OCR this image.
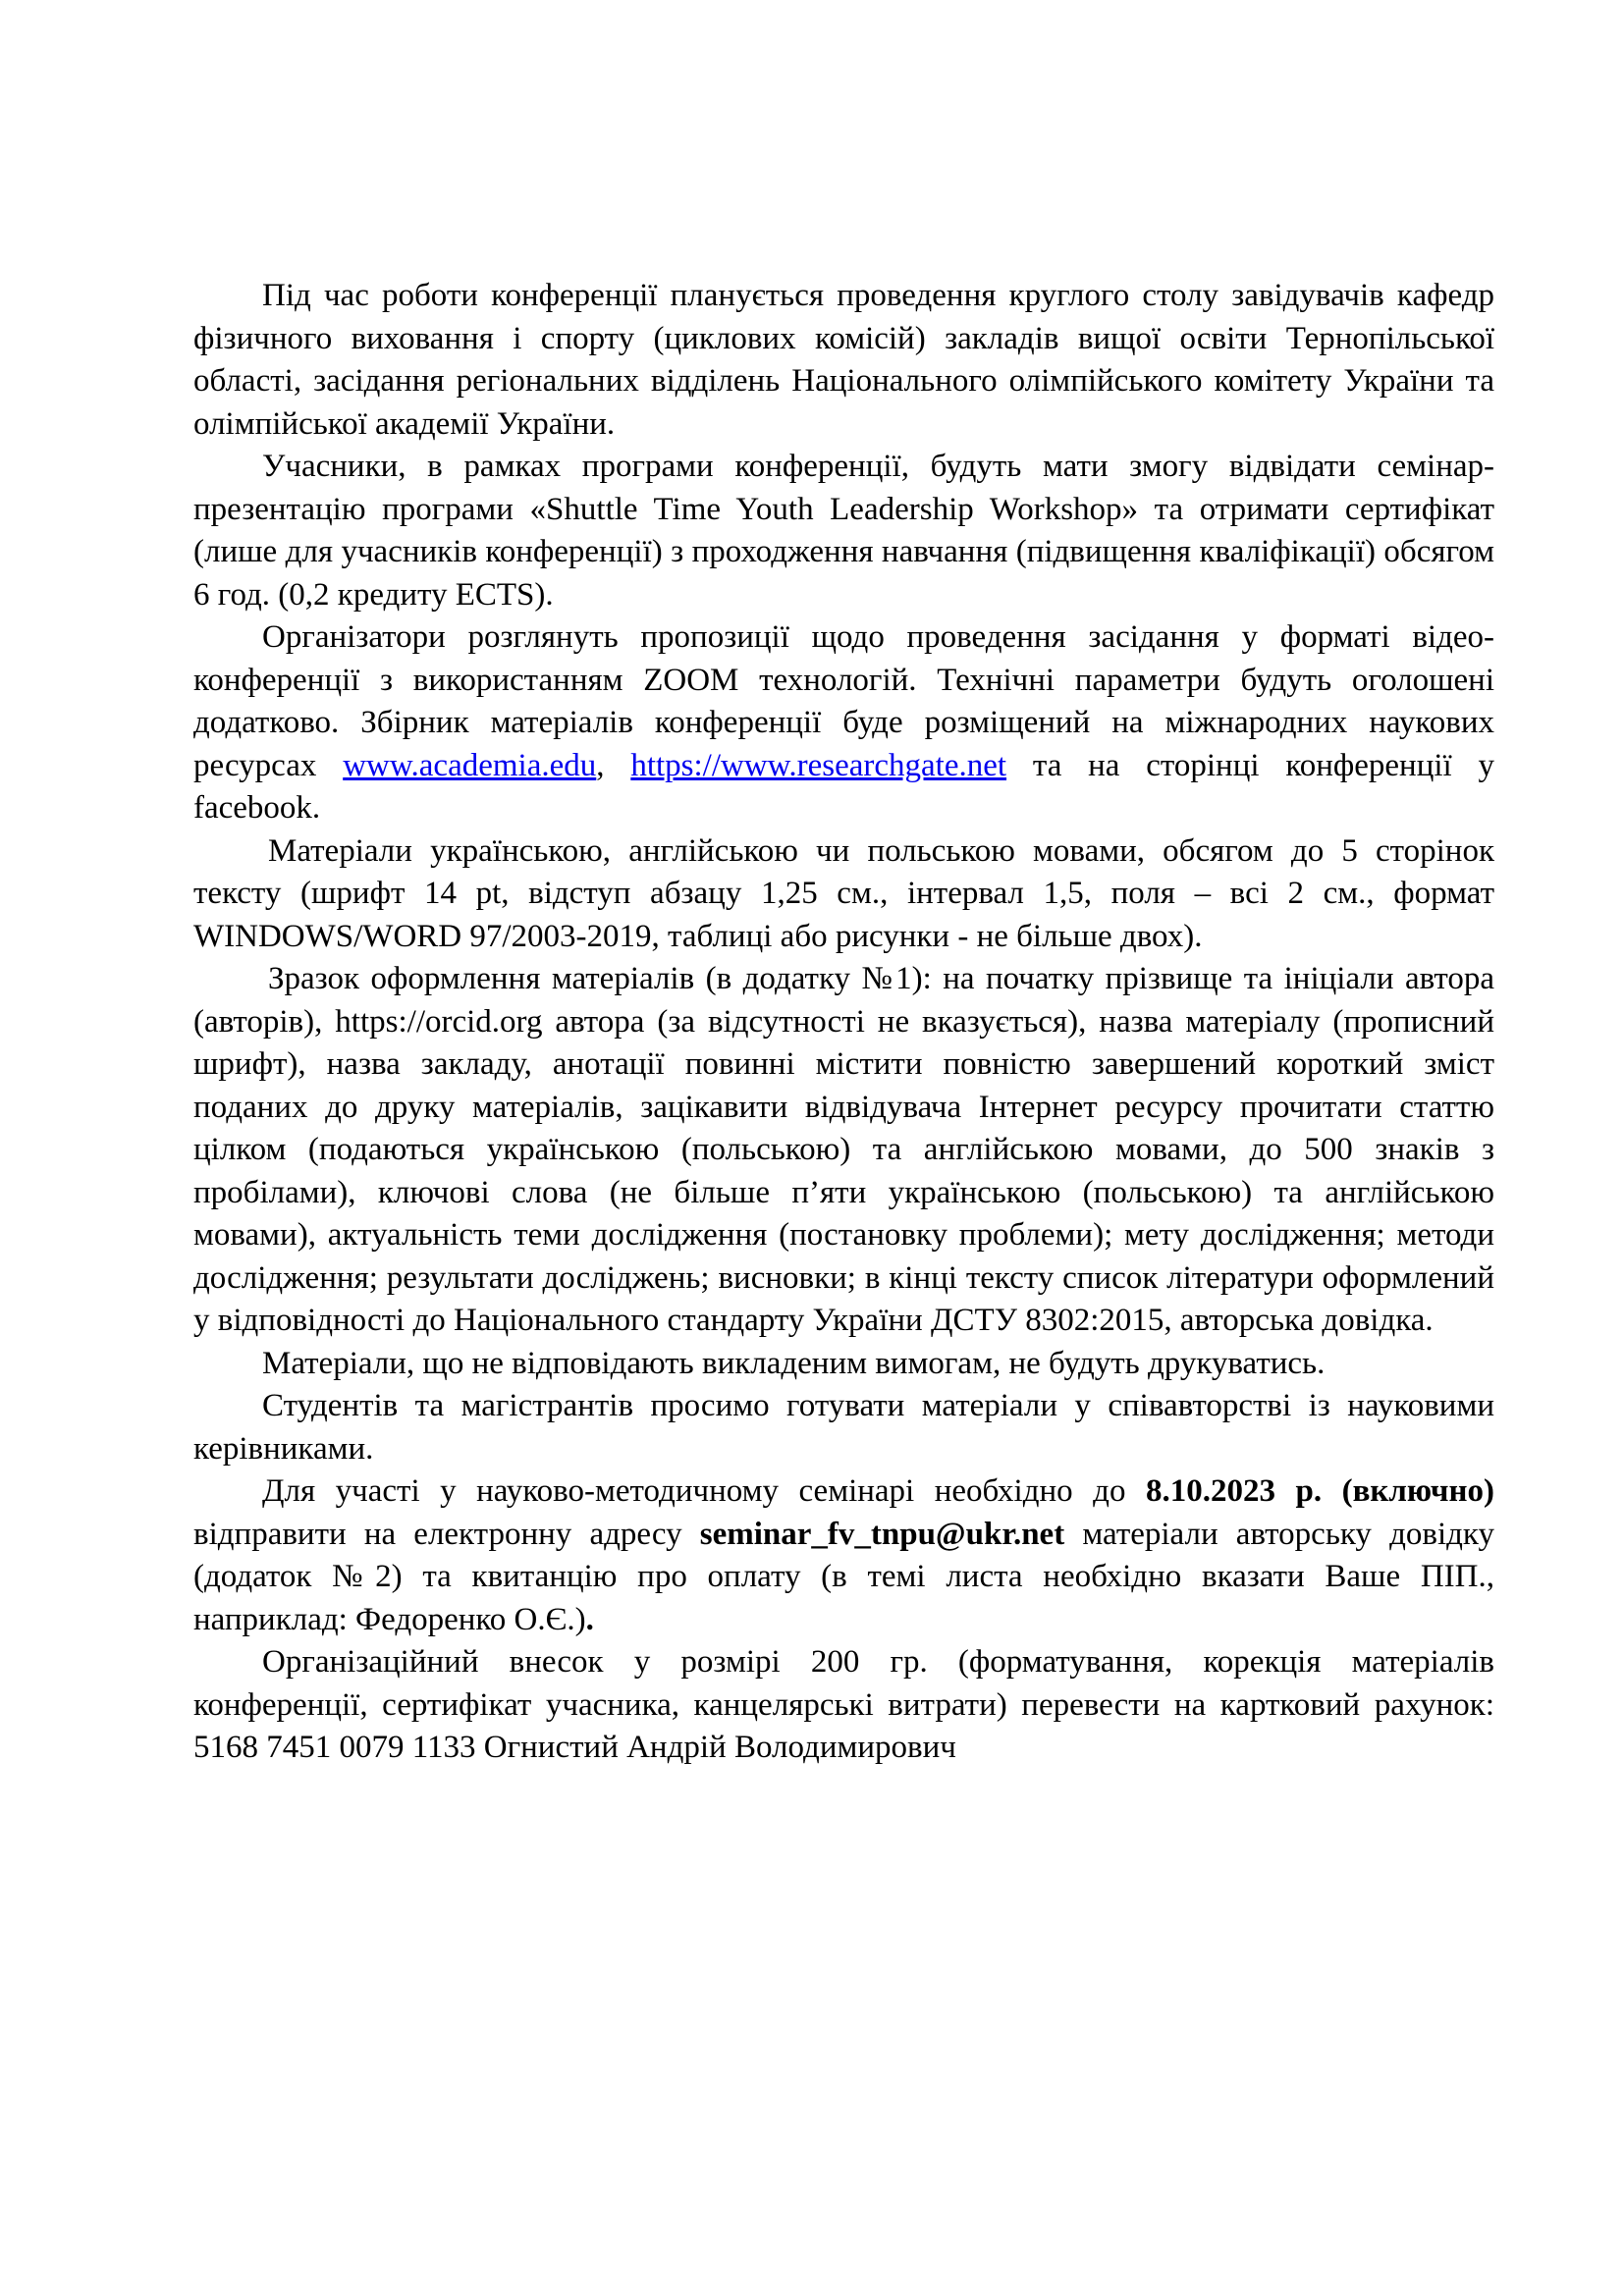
Під час роботи конференції планується проведення круглого столу завідувачів кафедр фізичного виховання і спорту (циклових комісій) закладів вищої освіти Тернопільської області, засідання регіональних відділень Національного олімпійського комітету України та олімпійської академії України.

Учасники, в рамках програми конференції, будуть мати змогу відвідати семінар-презентацію програми «Shuttle Time Youth Leadership Workshop» та отримати сертифікат (лише для учасників конференції) з проходження навчання (підвищення кваліфікації) обсягом 6 год. (0,2 кредиту ECTS).

Організатори розглянуть пропозиції щодо проведення засідання у форматі відео-конференції з використанням ZOOM технологій. Технічні параметри будуть оголошені додатково. Збірник матеріалів конференції буде розміщений на міжнародних наукових ресурсах www.academia.edu, https://www.researchgate.net та на сторінці конференції у facebook.

Матеріали українською, англійською чи польською мовами, обсягом до 5 сторінок тексту (шрифт 14 pt, відступ абзацу 1,25 см., інтервал 1,5, поля – всі 2 см., формат WINDOWS/WORD 97/2003-2019, таблиці або рисунки - не більше двох).

Зразок оформлення матеріалів (в додатку №1): на початку прізвище та ініціали автора (авторів), https://orcid.org автора (за відсутності не вказується), назва матеріалу (прописний шрифт), назва закладу, анотації повинні містити повністю завершений короткий зміст поданих до друку матеріалів, зацікавити відвідувача Інтернет ресурсу прочитати статтю цілком (подаються українською (польською) та англійською мовами, до 500 знаків з пробілами), ключові слова (не більше п’яти українською (польською) та англійською мовами), актуальність теми дослідження (постановку проблеми); мету дослідження; методи дослідження; результати досліджень; висновки; в кінці тексту список літератури оформлений у відповідності до Національного стандарту України ДСТУ 8302:2015, авторська довідка.

Матеріали, що не відповідають викладеним вимогам, не будуть друкуватись.

Студентів та магістрантів просимо готувати матеріали у співавторстві із науковими керівниками.

Для участі у науково-методичному семінарі необхідно до 8.10.2023 р. (включно) відправити на електронну адресу seminar_fv_tnpu@ukr.net матеріали авторську довідку (додаток №2) та квитанцію про оплату (в темі листа необхідно вказати Ваше ПІП., наприклад: Федоренко О.Є.).

Організаційний внесок у розмірі 200 гр. (форматування, корекція матеріалів конференції, сертифікат учасника, канцелярські витрати) перевести на картковий рахунок: 5168 7451 0079 1133 Огнистий Андрій Володимирович
